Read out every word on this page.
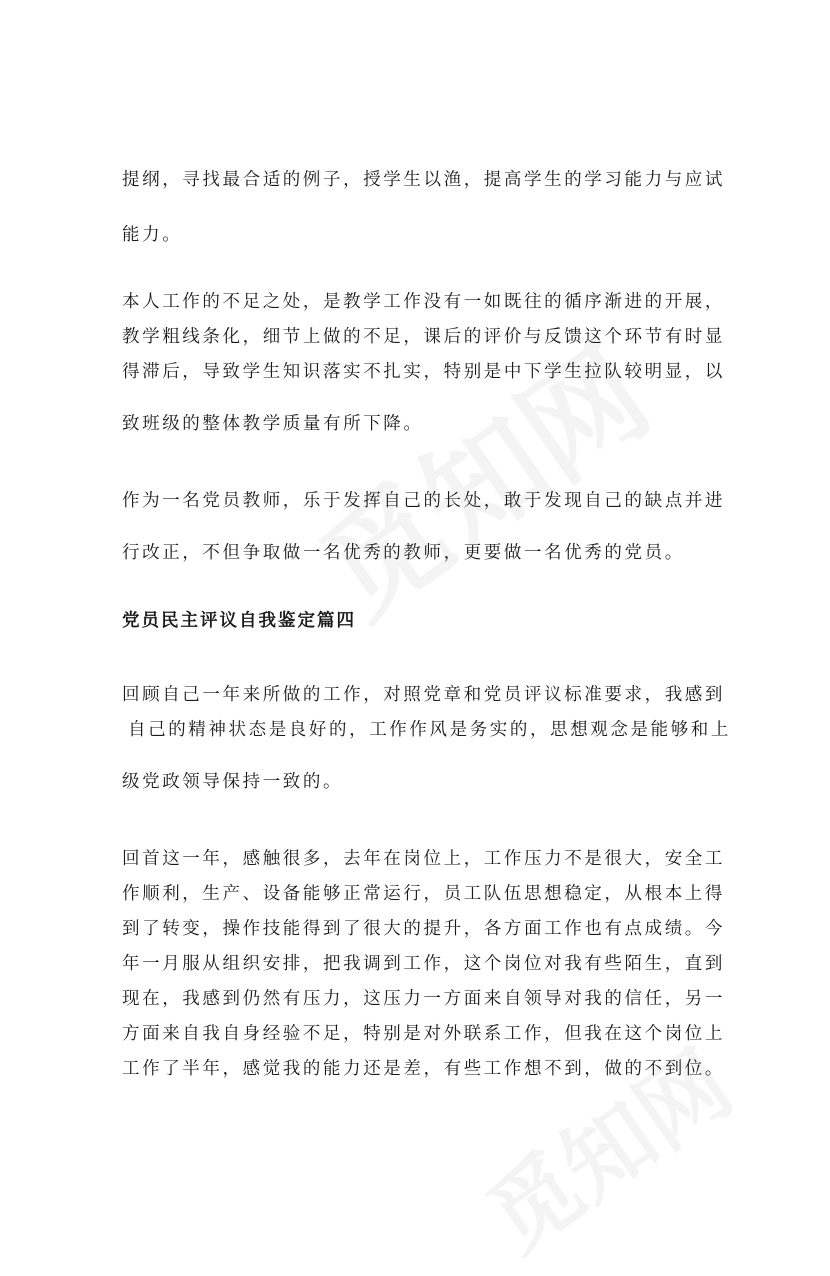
提纲，寻找最合适的例子，授学生以渔，提高学生的学习能力与应试
能力。
本人工作的不足之处，是教学工作没有一如既往的循序渐进的开展，
教学粗线条化，细节上做的不足，课后的评价与反馈这个环节有时显
得滞后，导致学生知识落实不扎实，特别是中下学生拉队较明显，以
致班级的整体教学质量有所下降。
作为一名党员教师，乐于发挥自己的长处，敢于发现自己的缺点并进
行改正，不但争取做一名优秀的教师，更要做一名优秀的党员。
党员民主评议自我鉴定篇四
回顾自己一年来所做的工作，对照党章和党员评议标准要求，我感到
自己的精神状态是良好的，工作作风是务实的，思想观念是能够和上
级党政领导保持一致的。
回首这一年，感触很多，去年在岗位上，工作压力不是很大，安全工
作顺利，生产、设备能够正常运行，员工队伍思想稳定，从根本上得
到了转变，操作技能得到了很大的提升，各方面工作也有点成绩。今
年一月服从组织安排，把我调到工作，这个岗位对我有些陌生，直到
现在，我感到仍然有压力，这压力一方面来自领导对我的信任，另一
方面来自我自身经验不足，特别是对外联系工作，但我在这个岗位上
工作了半年，感觉我的能力还是差，有些工作想不到，做的不到位。
